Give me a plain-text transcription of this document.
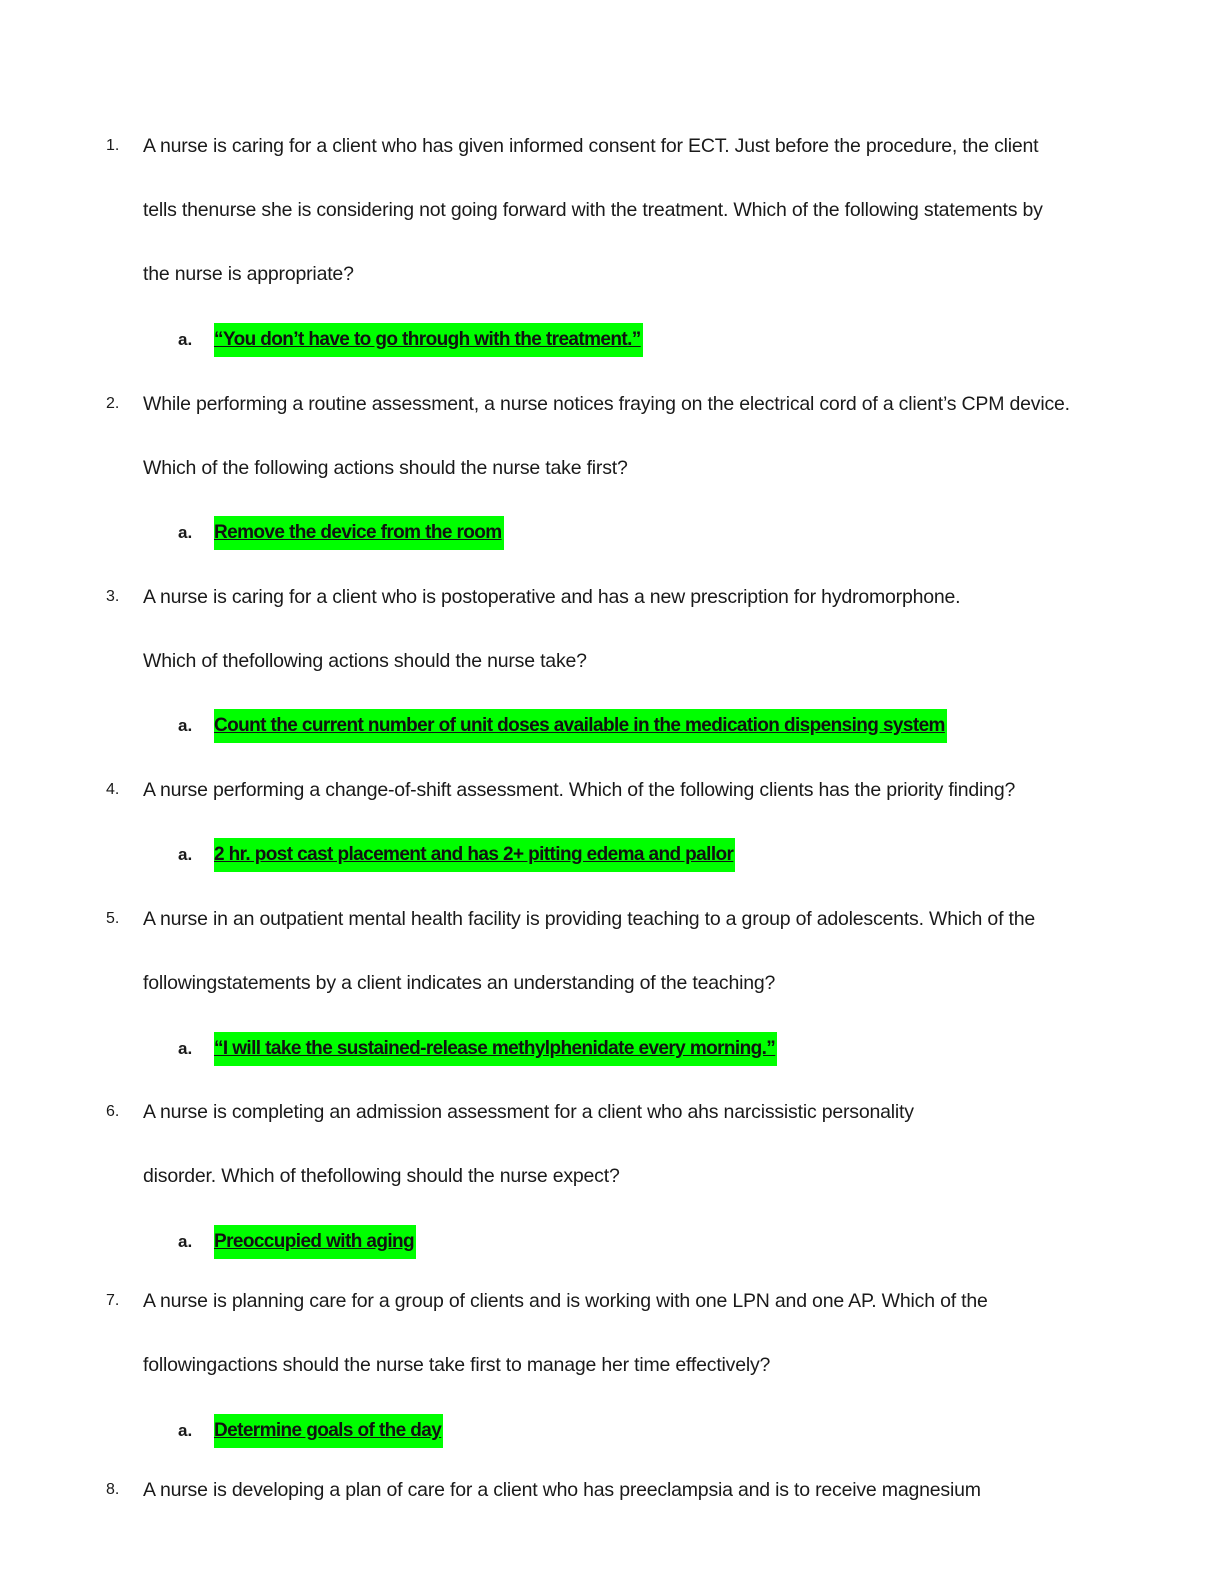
1. A nurse is caring for a client who has given informed consent for ECT. Just before the procedure, the client
tells thenurse she is considering not going forward with the treatment. Which of the following statements by
the nurse is appropriate?
a. “You don’t have to go through with the treatment.”
2. While performing a routine assessment, a nurse notices fraying on the electrical cord of a client’s CPM device.
Which of the following actions should the nurse take first?
a. Remove the device from the room
3. A nurse is caring for a client who is postoperative and has a new prescription for hydromorphone.
Which of thefollowing actions should the nurse take?
a. Count the current number of unit doses available in the medication dispensing system
4. A nurse performing a change-of-shift assessment. Which of the following clients has the priority finding?
a. 2 hr. post cast placement and has 2+ pitting edema and pallor
5. A nurse in an outpatient mental health facility is providing teaching to a group of adolescents. Which of the
followingstatements by a client indicates an understanding of the teaching?
a. “I will take the sustained-release methylphenidate every morning.”
6. A nurse is completing an admission assessment for a client who ahs narcissistic personality
disorder. Which of thefollowing should the nurse expect?
a. Preoccupied with aging
7. A nurse is planning care for a group of clients and is working with one LPN and one AP. Which of the
followingactions should the nurse take first to manage her time effectively?
a. Determine goals of the day
8. A nurse is developing a plan of care for a client who has preeclampsia and is to receive magnesium
